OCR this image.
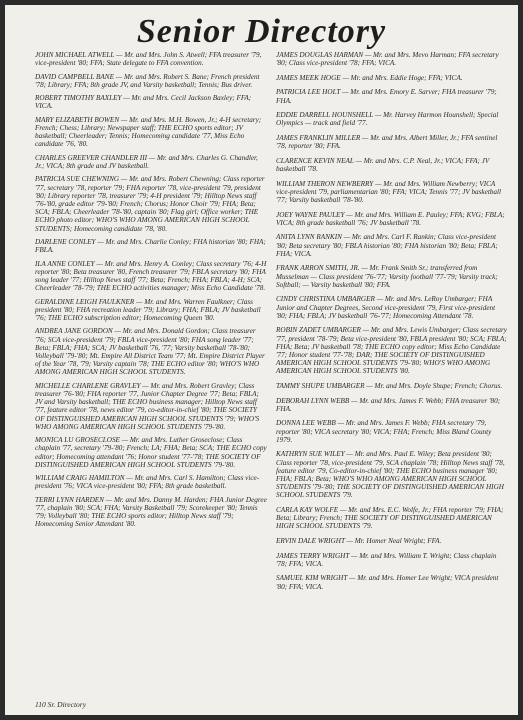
Senior Directory

JOHN MICHAEL ATWELL — Mr. and Mrs. John S. Atwell; FFA treasurer '79, vice-president '80; FFA; State delegate to FFA convention.

DAVID CAMPBELL BANE — Mr. and Mrs. Robert S. Bane; French president '78; Library; FFA; 8th grade JV, and Varsity basketball; Tennis; Bus driver.

ROBERT TIMOTHY BAXLEY — Mr. and Mrs. Cecil Jackson Baxley; FFA; VICA.

MARY ELIZABETH BOWEN — Mr. and Mrs. M.H. Bowen, Jr.; 4-H secretary; French; Chess; Library; Newspaper staff; THE ECHO sports editor; JV basketball; Cheerleader; Tennis; Homecoming candidate '77, Miss Echo candidate '76, '80.

CHARLES GREEVER CHANDLER III — Mr. and Mrs. Charles G. Chandler, Jr.; VICA; 8th grade and JV basketball.

PATRICIA SUE CHEWNING — Mr. and Mrs. Robert Chewning; Class reporter '77, secretary '78, reporter '79; FHA reporter '78, vice-president '79, president '80; Library reporter '78, treasurer '79; 4-H president '79; Hilltop News staff '76-'80, grade editor '79-'80; French; Chorus; Honor Choir '79; FHA; Beta; SCA; FBLA; Cheerleader '78-'80, captain '80; Flag girl; Office worker; THE ECHO photo editor; WHO'S WHO AMONG AMERICAN HIGH SCHOOL STUDENTS; Homecoming candidate '78, '80.

DARLENE CONLEY — Mr. and Mrs. Charlie Conley; FHA historian '80; FHA; FBLA.

ILA ANNE CONLEY — Mr. and Mrs. Henry A. Conley; Class secretary '76; 4-H reporter '80; Beta treasurer '80, French treasurer '79; FBLA secretary '80; FHA song leader '77; Hilltop News staff '77; Beta; French; FHA; FBLA; 4-H; SCA; Cheerleader '78-'79; THE ECHO activities manager; Miss Echo Candidate '78.

GERALDINE LEIGH FAULKNER — Mr. and Mrs. Warren Faulkner; Class president '80; FHA recreation leader '79; Library; FHA; FBLA; JV basketball '76; THE ECHO subscription editor; Homecoming Queen '80.

ANDREA JANE GORDON — Mr. and Mrs. Donald Gordon; Class treasurer '76; SCA vice-president '79; FBLA vice-president '80; FHA song leader '77; Beta; FBLA; FHA; SCA; JV basketball '76, '77; Varsity basketball '78-'80; Volleyball '79-'80; Mt. Empire All District Team '77; Mt. Empire District Player of the Year '78, '79; Varsity captain '78; THE ECHO editor '80; WHO'S WHO AMONG AMERICAN HIGH SCHOOL STUDENTS.

MICHELLE CHARLENE GRAVLEY — Mr. and Mrs. Robert Gravley; Class treasurer '76-'80; FHA reporter '77, Junior Chapter Degree '77; Beta; FBLA; JV and Varsity basketball; THE ECHO business manager; Hilltop News staff '77, feature editor '78, news editor '79, co-editor-in-chief '80; THE SOCIETY OF DISTINGUISHED AMERICAN HIGH SCHOOL STUDENTS '79; WHO'S WHO AMONG AMERICAN HIGH SCHOOL STUDENTS '79-'80.

MONICA LU GROSECLOSE — Mr. and Mrs. Luther Groseclose; Class chaplain '77, secretary '79-'80; French; LA; FHA; Beta; SCA; THE ECHO copy editor; Homecoming attendant '76; Honor student '77-'78; THE SOCIETY OF DISTINGUISHED AMERICAN HIGH SCHOOL STUDENTS '79-'80.

WILLIAM CRAIG HAMILTON — Mr. and Mrs. Carl S. Hamilton; Class vice-president '76; VICA vice-president '80; FFA; 8th grade basketball.

TERRI LYNN HARDEN — Mr. and Mrs. Danny M. Harden; FHA Junior Degree '77, chaplain '80; SCA; FHA; Varsity Basketball '79; Scorekeeper '80; Tennis '79; Volleyball '80; THE ECHO sports editor; Hilltop News staff '79; Homecoming Senior Attendant '80.

JAMES DOUGLAS HARMAN — Mr. and Mrs. Mevo Harman; FFA secretary '80; Class vice-president '78; FFA; VICA.

JAMES MEEK HOGE — Mr. and Mrs. Eddie Hoge; FFA; VICA.

PATRICIA LEE HOLT — Mr. and Mrs. Emory E. Sarver; FHA treasurer '79; FHA.

EDDIE DARRELL HOUNSHELL — Mr. Harvey Harmon Hounshell; Special Olympics — track and field '77.

JAMES FRANKLIN MILLER — Mr. and Mrs. Albert Miller, Jr.; FFA sentinel '78, reporter '80; FFA.

CLARENCE KEVIN NEAL — Mr. and Mrs. C.P. Neal, Jr.; VICA; FFA; JV basketball '78.

WILLIAM THERON NEWBERRY — Mr. and Mrs. William Newberry; VICA vice-president '79, parliamentarian '80; FFA; VICA; Tennis '77; JV basketball '77; Varsity basketball '78-'80.

JOEY WAYNE PAULEY — Mr. and Mrs. William E. Pauley; FFA; KVG; FBLA; VICA; 8th grade basketball '76; JV basketball '78.

ANITA LYNN RANKIN — Mr. and Mrs. Carl F. Rankin; Class vice-president '80; Beta secretary '80; FBLA historian '80; FHA historian '80; Beta; FBLA; FHA; VICA.

FRANK ARRON SMITH, JR. — Mr. Frank Smith Sr.; transferred from Musselman — Class president '76-'77; Varsity football '77-'79; Varsity track; Softball; — Varsity basketball '80; FFA.

CINDY CHRISTINA UMBARGER — Mr. and Mrs. LeRoy Umbarger; FHA Junior and Chapter Degrees, Second vice-president '79, First vice-president '80; FHA; FBLA; JV basketball '76-'77; Homecoming Attendant '78.

ROBIN ZADET UMBARGER — Mr. and Mrs. Lewis Umbarger; Class secretary '77, president '78-'79; Beta vice-president '80, FBLA president '80; SCA; FBLA; FHA; Beta; JV basketball '78; THE ECHO copy editor; Miss Echo Candidate '77; Honor student '77-'78; DAR; THE SOCIETY OF DISTINGUISHED AMERICAN HIGH SCHOOL STUDENTS '79-'80; WHO'S WHO AMONG AMERICAN HIGH SCHOOL STUDENTS '80.

TAMMY SHUPE UMBARGER — Mr. and Mrs. Doyle Shupe; French; Chorus.

DEBORAH LYNN WEBB — Mr. and Mrs. James F. Webb; FHA treasurer '80; FHA.

DONNA LEE WEBB — Mr. and Mrs. James F. Webb; FHA secretary '79, reporter '80; VICA secretary '80; VICA; FHA; French; Miss Bland County 1979.

KATHRYN SUE WILEY — Mr. and Mrs. Paul E. Wiley; Beta president '80; Class reporter '78, vice-president '79, SCA chaplain '78; Hilltop News staff '78, feature editor '79, Co-editor-in-chief '80; THE ECHO business manager '80; FHA; FBLA; Beta; WHO'S WHO AMONG AMERICAN HIGH SCHOOL STUDENTS '79-'80; THE SOCIETY OF DISTINGUISHED AMERICAN HIGH SCHOOL STUDENTS '79.

CARLA KAY WOLFE — Mr. and Mrs. E.C. Wolfe, Jr.; FHA reporter '79; FHA; Beta; Library; French; THE SOCIETY OF DISTINGUISHED AMERICAN HIGH SCHOOL STUDENTS '79.

ERVIN DALE WRIGHT — Mr. Homer Neal Wright; FFA.

JAMES TERRY WRIGHT — Mr. and Mrs. William T. Wright; Class chaplain '78; FFA; VICA.

SAMUEL KIM WRIGHT — Mr. and Mrs. Homer Lee Wright; VICA president '80; FFA; VICA.

110 Sr. Directory
